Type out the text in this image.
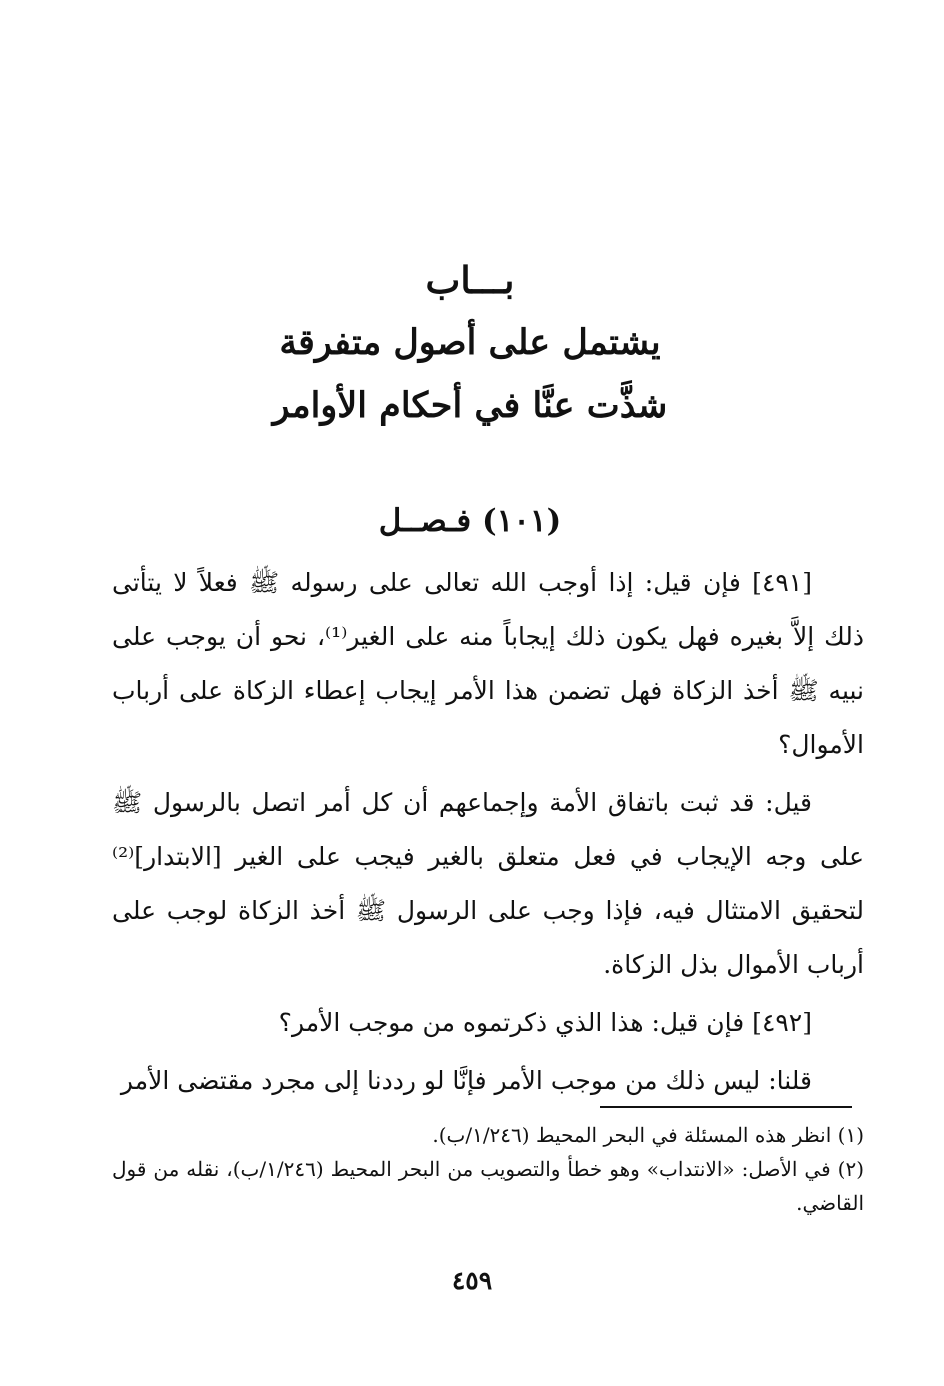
بـــاب
يشتمل على أصول متفرقة
شذَّت عنَّا في أحكام الأوامر
(١٠١) فـصــل

[٤٩١] فإن قيل: إذا أوجب الله تعالى على رسوله ﷺ فعلاً لا يتأتى ذلك إلاَّ بغيره فهل يكون ذلك إيجاباً منه على الغير⁽¹⁾، نحو أن يوجب على نبيه ﷺ أخذ الزكاة فهل تضمن هذا الأمر إيجاب إعطاء الزكاة على أرباب الأموال؟

قيل: قد ثبت باتفاق الأمة وإجماعهم أن كل أمر اتصل بالرسول ﷺ على وجه الإيجاب في فعل متعلق بالغير فيجب على الغير [الابتدار]⁽²⁾ لتحقيق الامتثال فيه، فإذا وجب على الرسول ﷺ أخذ الزكاة لوجب على أرباب الأموال بذل الزكاة.

[٤٩٢] فإن قيل: هذا الذي ذكرتموه من موجب الأمر؟

قلنا: ليس ذلك من موجب الأمر فإنَّا لو رددنا إلى مجرد مقتضى الأمر

(١) انظر هذه المسئلة في البحر المحيط (١/٢٤٦/ب).

(٢) في الأصل: «الانتداب» وهو خطأ والتصويب من البحر المحيط (١/٢٤٦/ب)، نقله من قول القاضي.

٤٥٩
